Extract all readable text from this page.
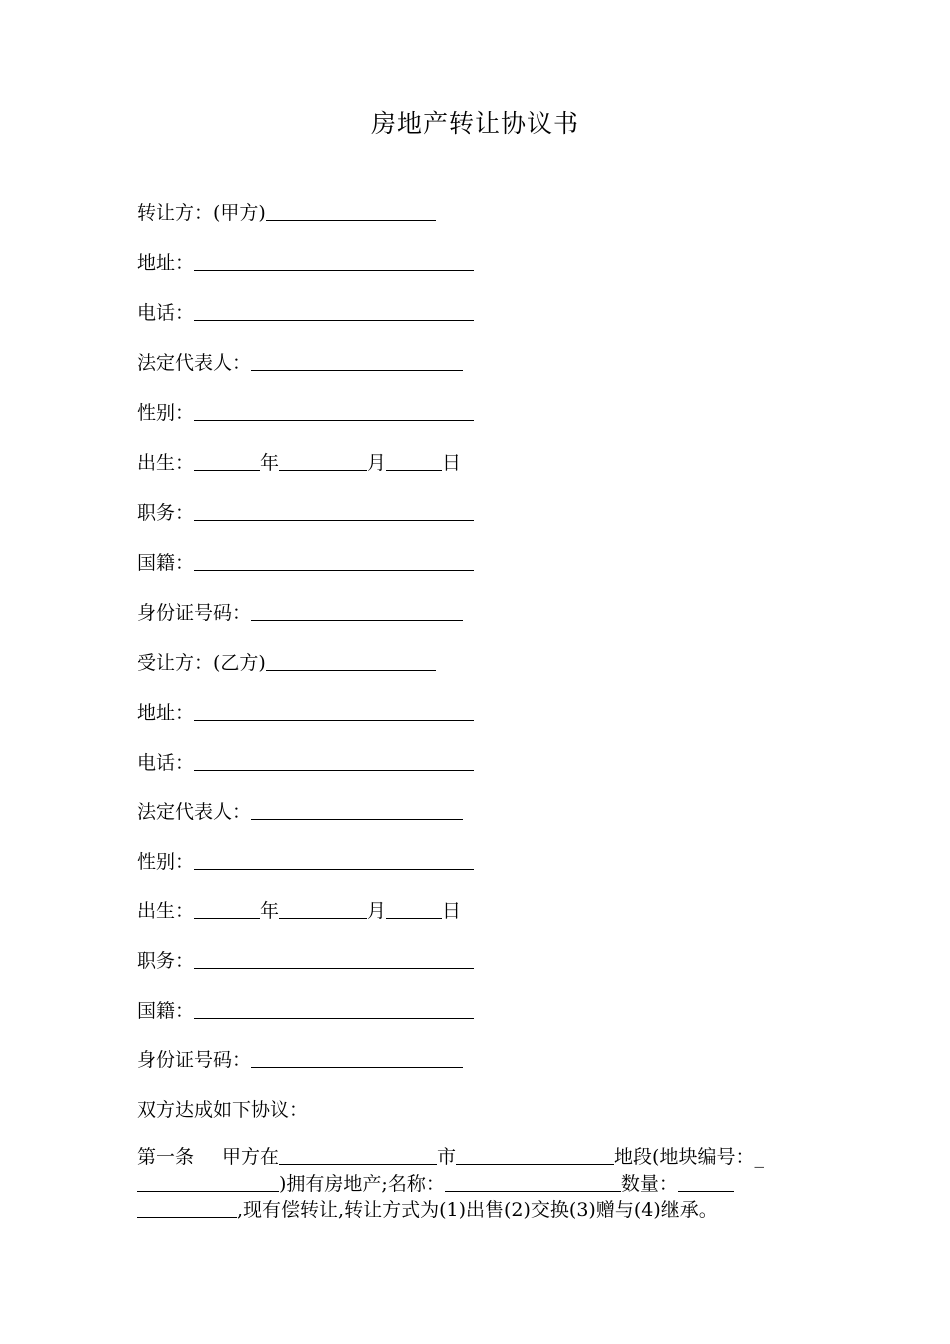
房地产转让协议书
转让方：(甲方)
地址：
电话：
法定代表人：
性别：
出生：	年	月	日
职务：
国籍：
身份证号码：
受让方：(乙方)
地址：
电话：
法定代表人：
性别：
出生：	年	月	日
职务：
国籍：
身份证号码：
双方达成如下协议：
第一条 甲方在	市	地段(地块编号：_
)拥有房地产;名称：	数量：
,现有偿转让,转让方式为(1)出售(2)交换(3)赠与(4)继承。
